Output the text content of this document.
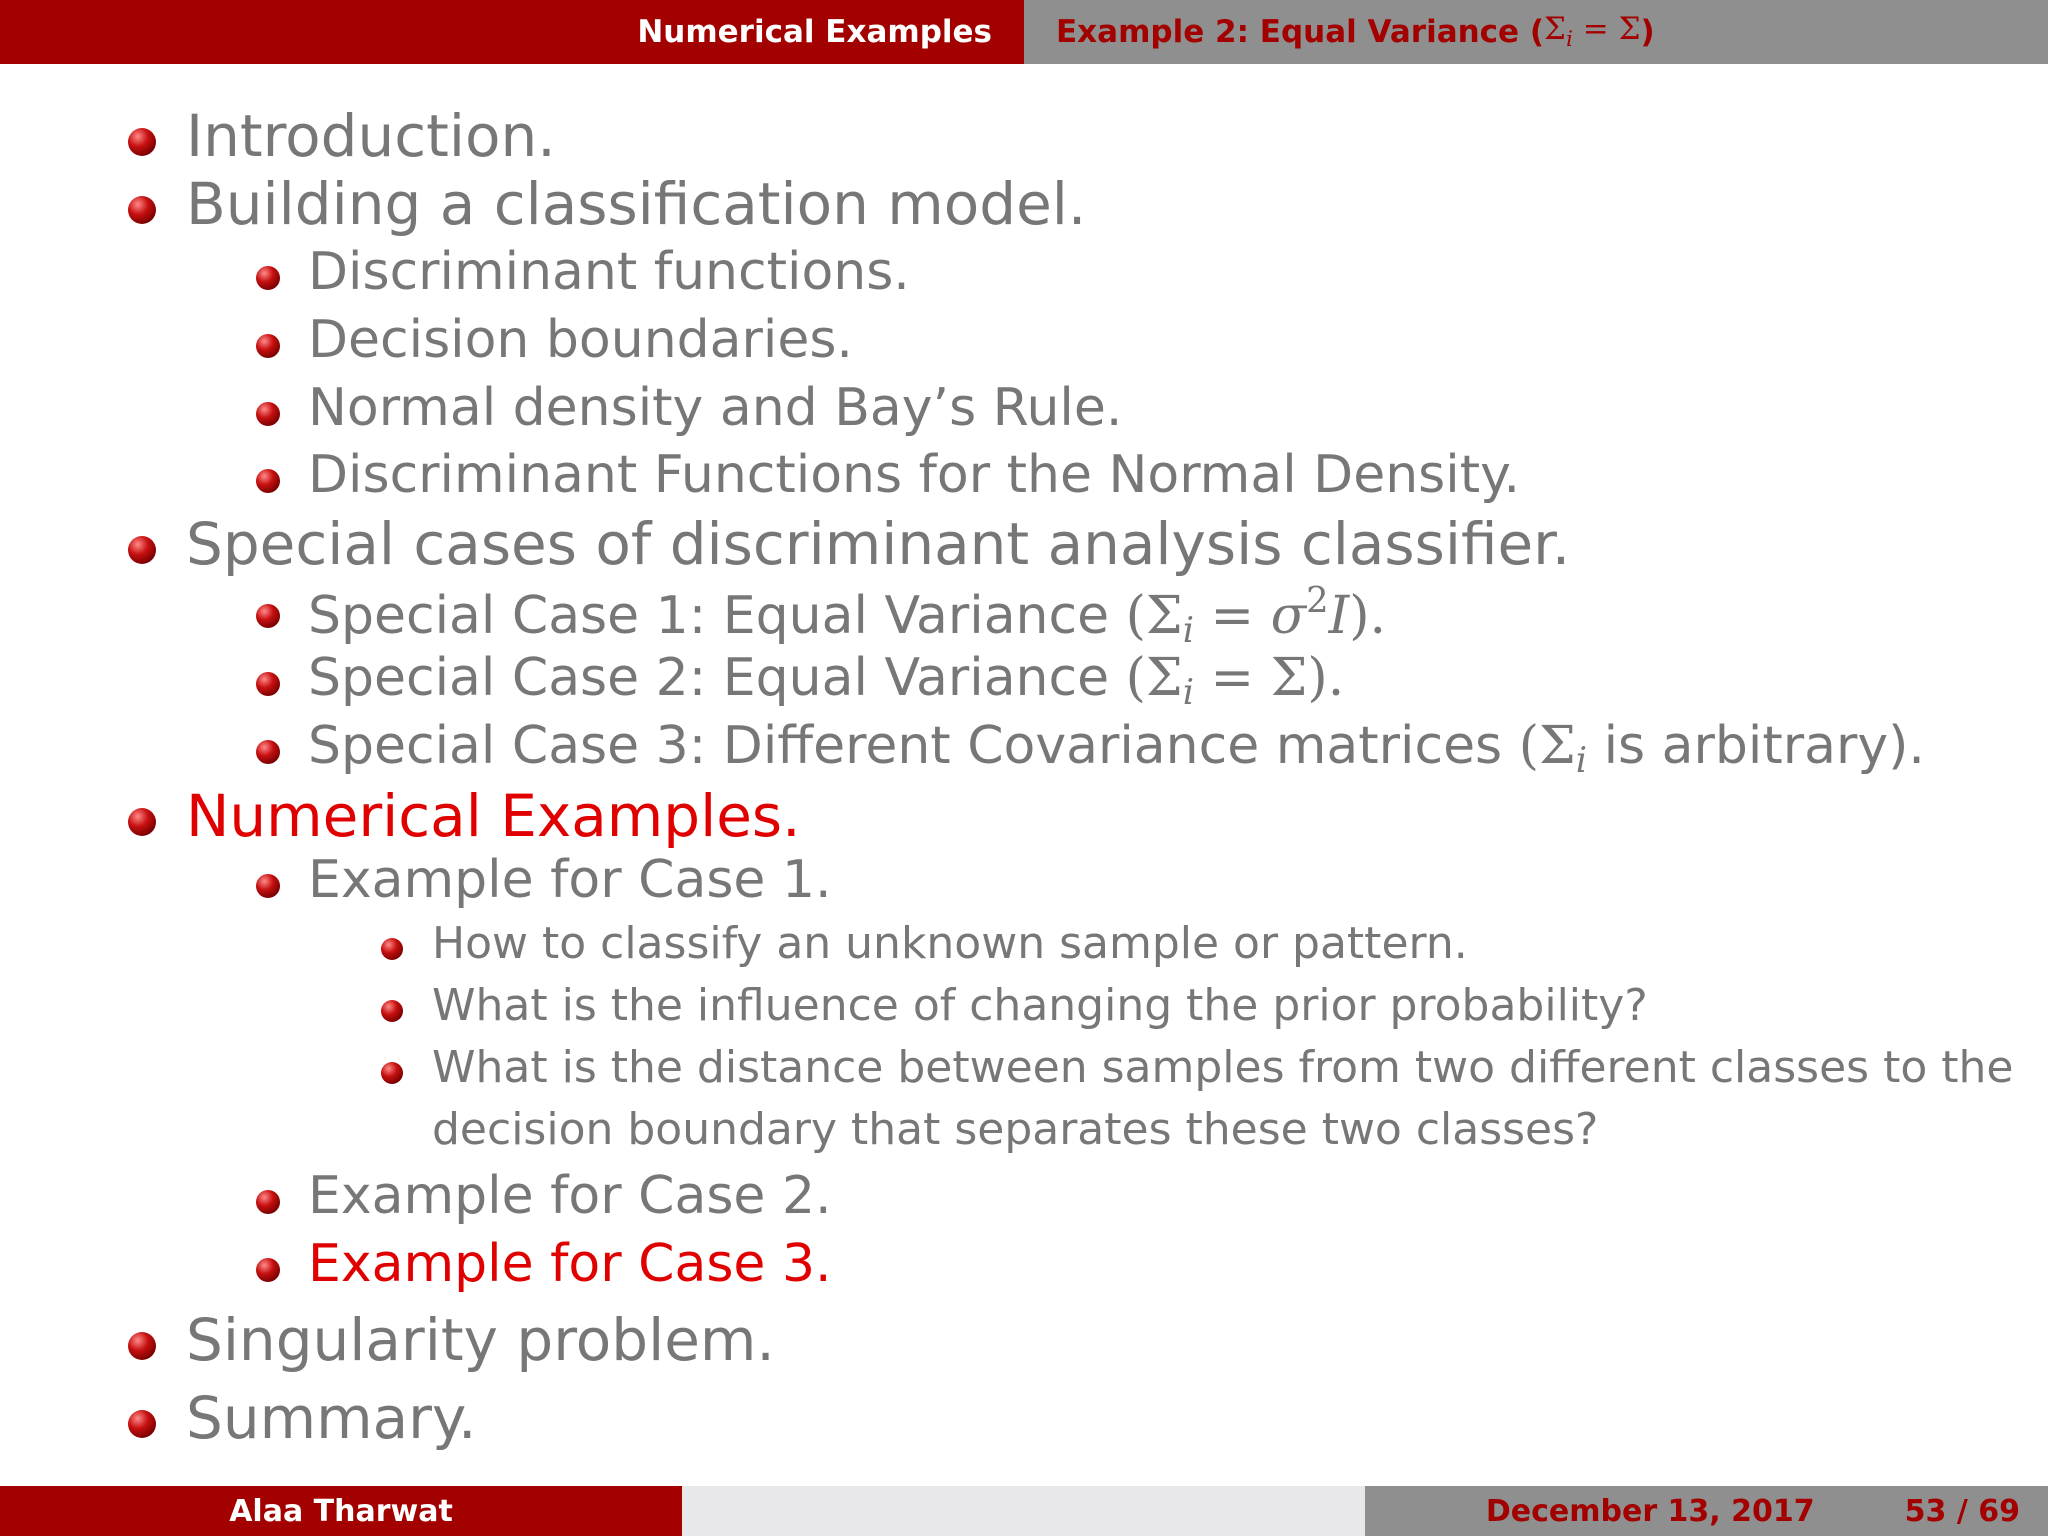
Numerical Examples Example 2: Equal Variance ( $\Sigma_i = \Sigma$ )
Introduction.
Building a classification model.
Discriminant functions.
Decision boundaries.
Normal density and Bay’s Rule.
Discriminant Functions for the Normal Density.
Special cases of discriminant analysis classifier.
Special Case 1: Equal Variance $(\Sigma_i = \sigma^2I)$.
Special Case 2: Equal Variance $(\Sigma_i = \Sigma)$.
Special Case 3: Different Covariance matrices ($\Sigma_i$ is arbitrary).
Numerical Examples.
Example for Case 1.
How to classify an unknown sample or pattern.
What is the influence of changing the prior probability?
What is the distance between samples from two different classes to the
decision boundary that separates these two classes?
Example for Case 2.
Example for Case 3.
Singularity problem.
Summary.
Alaa Tharwat	December 13, 2017	53 / 69
